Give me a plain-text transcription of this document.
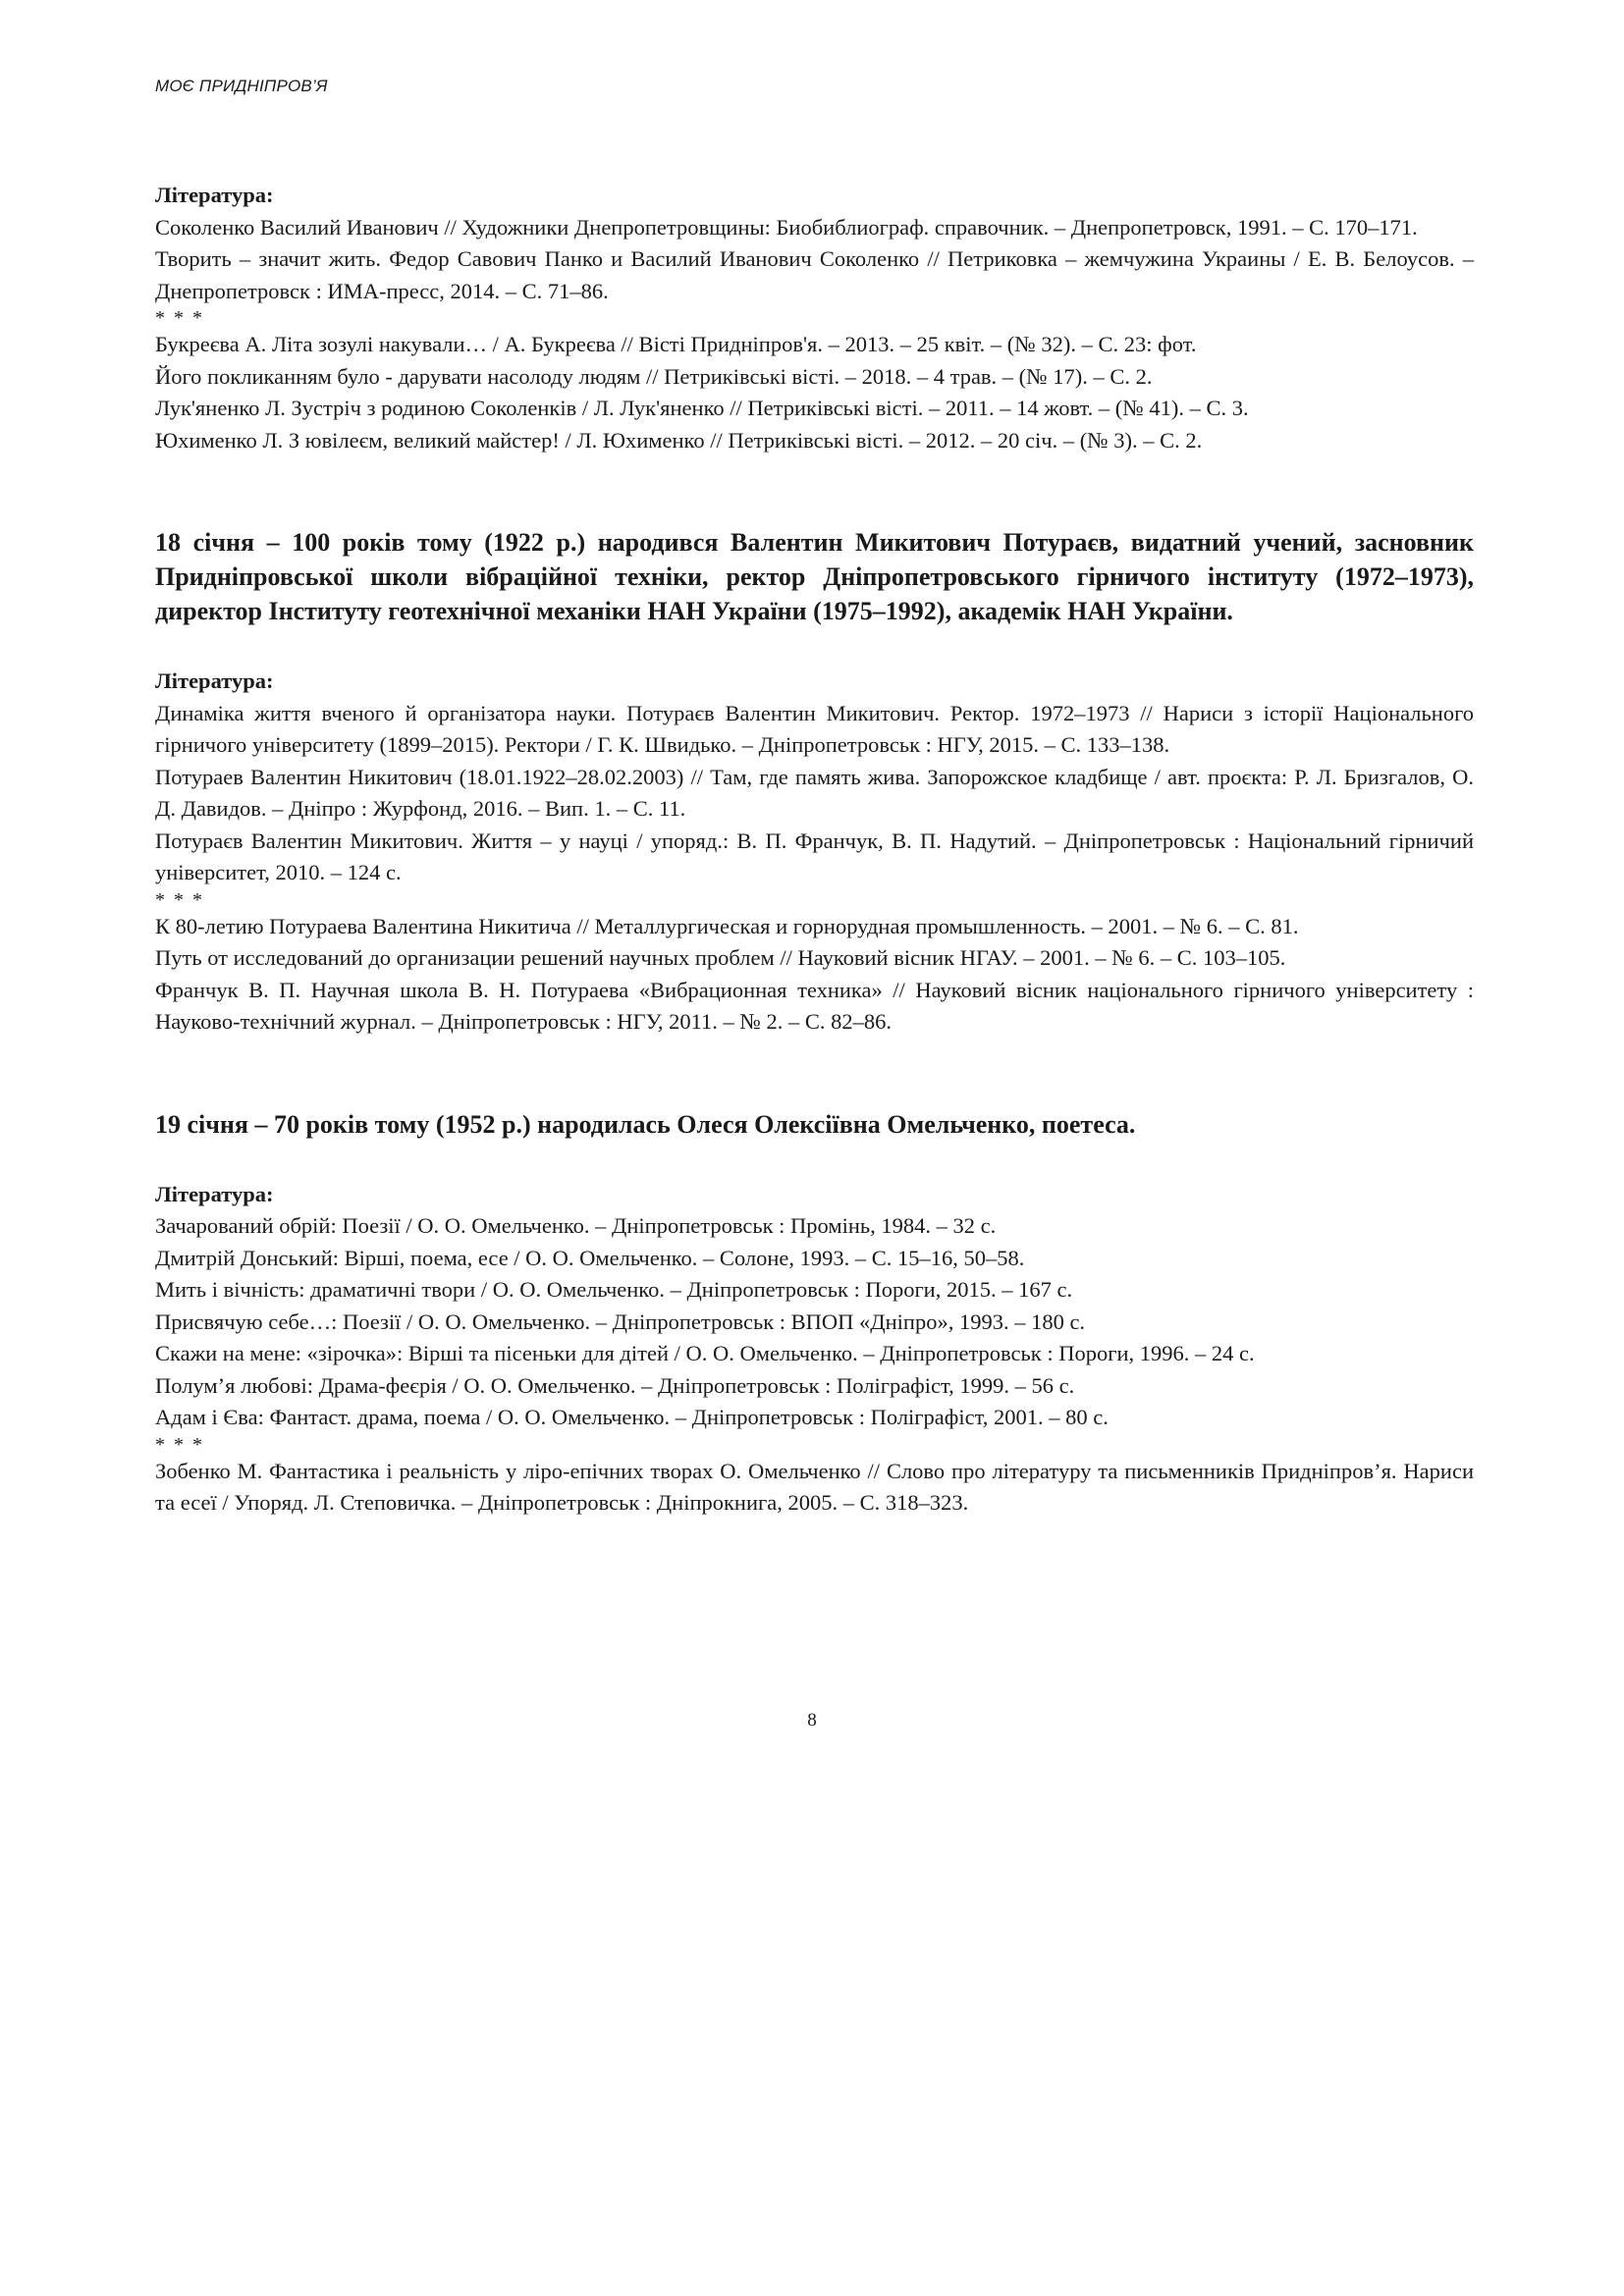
МОЄ ПРИДНІПРОВ’Я

Література:

Соколенко Василий Иванович // Художники Днепропетровщины: Биобиблиограф. справочник. – Днепропетровск, 1991. – С. 170–171.

Творить – значит жить. Федор Савович Панко и Василий Иванович Соколенко // Петриковка – жемчужина Украины / Е. В. Белоусов. – Днепропетровск : ИМА-пресс, 2014. – С. 71–86.

* * *

Букреєва А. Літа зозулі накували… / А. Букреєва // Вісті Придніпров'я. – 2013. – 25 квіт. – (№ 32). – С. 23: фот.

Його покликанням було - дарувати насолоду людям // Петриківські вісті. – 2018. – 4 трав. – (№ 17). – С. 2.

Лук'яненко Л. Зустріч з родиною Соколенків / Л. Лук'яненко // Петриківські вісті. – 2011. – 14 жовт. – (№ 41). – С. 3.

Юхименко Л. З ювілеєм, великий майстер! / Л. Юхименко // Петриківські вісті. – 2012. – 20 січ. – (№ 3). – С. 2.

18 січня – 100 років тому (1922 р.) народився Валентин Микитович Потураєв, видатний учений, засновник Придніпровської школи вібраційної техніки, ректор Дніпропетровського гірничого інституту (1972–1973), директор Інституту геотехнічної механіки НАН України (1975–1992), академік НАН України.

Література:

Динаміка життя вченого й організатора науки. Потураєв Валентин Микитович. Ректор. 1972–1973 // Нариси з історії Національного гірничого університету (1899–2015). Ректори / Г. К. Швидько. – Дніпропетровськ : НГУ, 2015. – С. 133–138.

Потураев Валентин Никитович (18.01.1922–28.02.2003) // Там, где память жива. Запорожское кладбище / авт. проєкта: Р. Л. Бризгалов, О. Д. Давидов. – Дніпро : Журфонд, 2016. – Вип. 1. – С. 11.

Потураєв Валентин Микитович. Життя – у науці / упоряд.: В. П. Франчук, В. П. Надутий. – Дніпропетровськ : Національний гірничий університет, 2010. – 124 с.

* * *

К 80-летию Потураева Валентина Никитича // Металлургическая и горнорудная промышленность. – 2001. – № 6. – С. 81.

Путь от исследований до организации решений научных проблем // Науковий вісник НГАУ. – 2001. – № 6. – С. 103–105.

Франчук В. П. Научная школа В. Н. Потураева «Вибрационная техника» // Науковий вісник національного гірничого університету : Науково-технічний журнал. – Дніпропетровськ : НГУ, 2011. – № 2. – С. 82–86.

19 січня – 70 років тому (1952 р.) народилась Олеся Олексіївна Омельченко, поетеса.

Література:

Зачарований обрій: Поезії / О. О. Омельченко. – Дніпропетровськ : Промінь, 1984. – 32 с.

Дмитрій Донський: Вірші, поема, есе / О. О. Омельченко. – Солоне, 1993. – С. 15–16, 50–58.

Мить і вічність: драматичні твори / О. О. Омельченко. – Дніпропетровськ : Пороги, 2015. – 167 с.

Присвячую себе…: Поезії / О. О. Омельченко. – Дніпропетровськ : ВПОП «Дніпро», 1993. – 180 с.

Скажи на мене: «зірочка»: Вірші та пісеньки для дітей / О. О. Омельченко. – Дніпропетровськ : Пороги, 1996. – 24 с.

Полум’я любові: Драма-феєрія / О. О. Омельченко. – Дніпропетровськ : Поліграфіст, 1999. – 56 с.

Адам і Єва: Фантаст. драма, поема / О. О. Омельченко. – Дніпропетровськ : Поліграфіст, 2001. – 80 с.

* * *

Зобенко М. Фантастика і реальність у ліро-епічних творах О. Омельченко // Слово про літературу та письменників Придніпров’я. Нариси та есеї / Упоряд. Л. Степовичка. – Дніпропетровськ : Дніпрокнига, 2005. – С. 318–323.

8
